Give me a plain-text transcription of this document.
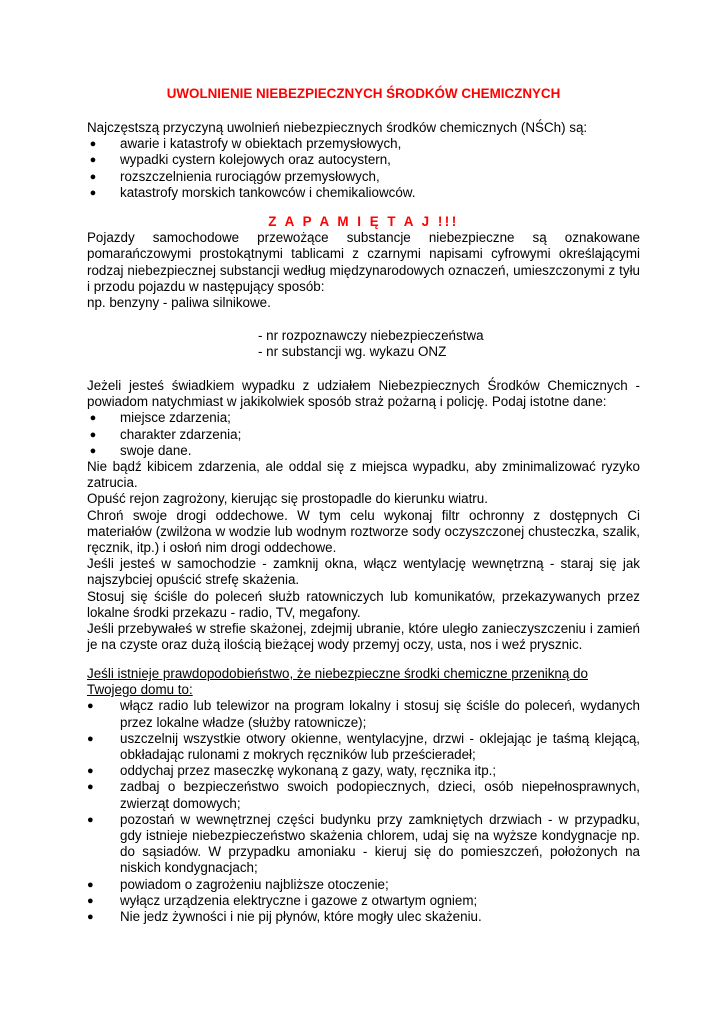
UWOLNIENIE NIEBEZPIECZNYCH ŚRODKÓW CHEMICZNYCH

Najczęstszą przyczyną uwolnień niebezpiecznych środków chemicznych (NŚCh) są:

● awarie i katastrofy w obiektach przemysłowych,
● wypadki cystern kolejowych oraz autocystern,
● rozszczelnienia rurociągów przemysłowych,
● katastrofy morskich tankowców i chemikaliowców.

Z A P A M I Ę T A J !!!

Pojazdy samochodowe przewożące substancje niebezpieczne są oznakowane pomarańczowymi prostokątnymi tablicami z czarnymi napisami cyfrowymi określającymi rodzaj niebezpiecznej substancji według międzynarodowych oznaczeń, umieszczonymi z tyłu i przodu pojazdu w następujący sposób:

np. benzyny - paliwa silnikowe.

- nr rozpoznawczy niebezpieczeństwa

- nr substancji wg. wykazu ONZ

Jeżeli jesteś świadkiem wypadku z udziałem Niebezpiecznych Środków Chemicznych - powiadom natychmiast w jakikolwiek sposób straż pożarną i policję. Podaj istotne dane:

● miejsce zdarzenia;
● charakter zdarzenia;
● swoje dane.

Nie bądź kibicem zdarzenia, ale oddal się z miejsca wypadku, aby zminimalizować ryzyko zatrucia.

Opuść rejon zagrożony, kierując się prostopadle do kierunku wiatru.

Chroń swoje drogi oddechowe. W tym celu wykonaj filtr ochronny z dostępnych Ci materiałów (zwilżona w wodzie lub wodnym roztworze sody oczyszczonej chusteczka, szalik, ręcznik, itp.) i osłoń nim drogi oddechowe.

Jeśli jesteś w samochodzie - zamknij okna, włącz wentylację wewnętrzną - staraj się jak najszybciej opuścić strefę skażenia.

Stosuj się ściśle do poleceń służb ratowniczych lub komunikatów, przekazywanych przez lokalne środki przekazu - radio, TV, megafony.

Jeśli przebywałeś w strefie skażonej, zdejmij ubranie, które uległo zanieczyszczeniu i zamień je na czyste oraz dużą ilością bieżącej wody przemyj oczy, usta, nos i weź prysznic.

Jeśli istnieje prawdopodobieństwo, że niebezpieczne środki chemiczne przenikną do Twojego domu to:

●	włącz radio lub telewizor na program lokalny i stosuj się ściśle do poleceń, wydanych przez lokalne władze (służby ratownicze);
●	uszczelnij wszystkie otwory okienne, wentylacyjne, drzwi - oklejając je taśmą klejącą, obkładając rulonami z mokrych ręczników lub prześcieradeł;
●	oddychaj przez maseczkę wykonaną z gazy, waty, ręcznika itp.;
●	zadbaj o bezpieczeństwo swoich podopiecznych, dzieci, osób niepełnosprawnych, zwierząt domowych;
●	pozostań w wewnętrznej części budynku przy zamkniętych drzwiach - w przypadku, gdy istnieje niebezpieczeństwo skażenia chlorem, udaj się na wyższe kondygnacje np. do sąsiadów. W przypadku amoniaku - kieruj się do pomieszczeń, położonych na niskich kondygnacjach;
●	powiadom o zagrożeniu najbliższe otoczenie;
●	wyłącz urządzenia elektryczne i gazowe z otwartym ogniem;
●	Nie jedz żywności i nie pij płynów, które mogły ulec skażeniu.
